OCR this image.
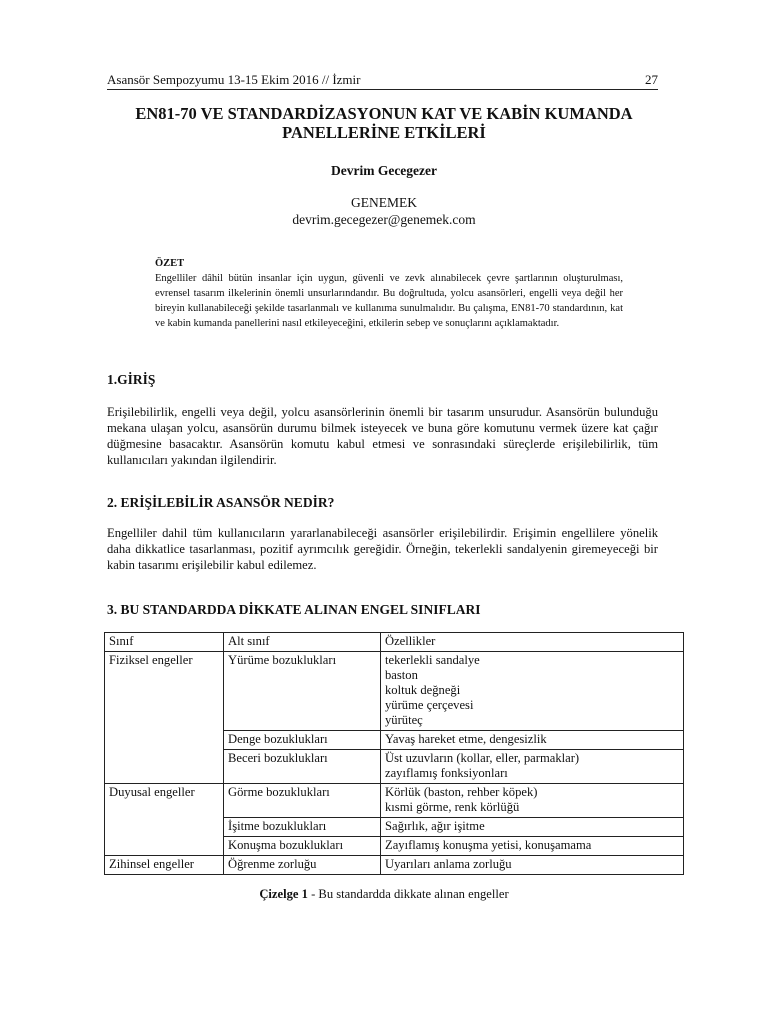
Asansör Sempozyumu 13-15 Ekim 2016 // İzmir	27
EN81-70 VE STANDARDİZASYONUN KAT VE KABİN KUMANDA
PANELLERİNE ETKİLERİ
Devrim Gecegezer
GENEMEK
devrim.gecegezer@genemek.com
ÖZET

Engelliler dâhil bütün insanlar için uygun, güvenli ve zevk alınabilecek çevre şartlarının oluşturulması, evrensel tasarım ilkelerinin önemli unsurlarındandır. Bu doğrultuda, yolcu asansörleri, engelli veya değil her bireyin kullanabileceği şekilde tasarlanmalı ve kullanıma sunulmalıdır. Bu çalışma, EN81-70 standardının, kat ve kabin kumanda panellerini nasıl etkileyeceğini, etkilerin sebep ve sonuçlarını açıklamaktadır.

1.GİRİŞ

Erişilebilirlik, engelli veya değil, yolcu asansörlerinin önemli bir tasarım unsurudur. Asansörün bulunduğu mekana ulaşan yolcu, asansörün durumu bilmek isteyecek ve buna göre komutunu vermek üzere kat çağır düğmesine basacaktır. Asansörün komutu kabul etmesi ve sonrasındaki süreçlerde erişilebilirlik, tüm kullanıcıları yakından ilgilendirir.

2. ERİŞİLEBİLİR ASANSÖR NEDİR?

Engelliler dahil tüm kullanıcıların yararlanabileceği asansörler erişilebilirdir. Erişimin engellilere yönelik daha dikkatlice tasarlanması, pozitif ayrımcılık gereğidir. Örneğin, tekerlekli sandalyenin giremeyeceği bir kabin tasarımı erişilebilir kabul edilemez.

3. BU STANDARDDA DİKKATE ALINAN ENGEL SINIFLARI
Sınıf	Alt sınıf	Özellikler
Fiziksel engeller	Yürüme bozuklukları	tekerlekli sandalye
baston
koltuk değneği
yürüme çerçevesi
yürüteç

	Denge bozuklukları	Yavaş hareket etme, dengesizlik

	Beceri bozuklukları	Üst uzuvların (kollar, eller, parmaklar)
zayıflamış fonksiyonları

Duyusal engeller	Görme bozuklukları	Körlük (baston, rehber köpek)
kısmi görme, renk körlüğü

	İşitme bozuklukları	Sağırlık, ağır işitme

	Konuşma bozuklukları	Zayıflamış konuşma yetisi, konuşamama

Zihinsel engeller	Öğrenme zorluğu	Uyarıları anlama zorluğu
Çizelge 1 - Bu standardda dikkate alınan engeller
